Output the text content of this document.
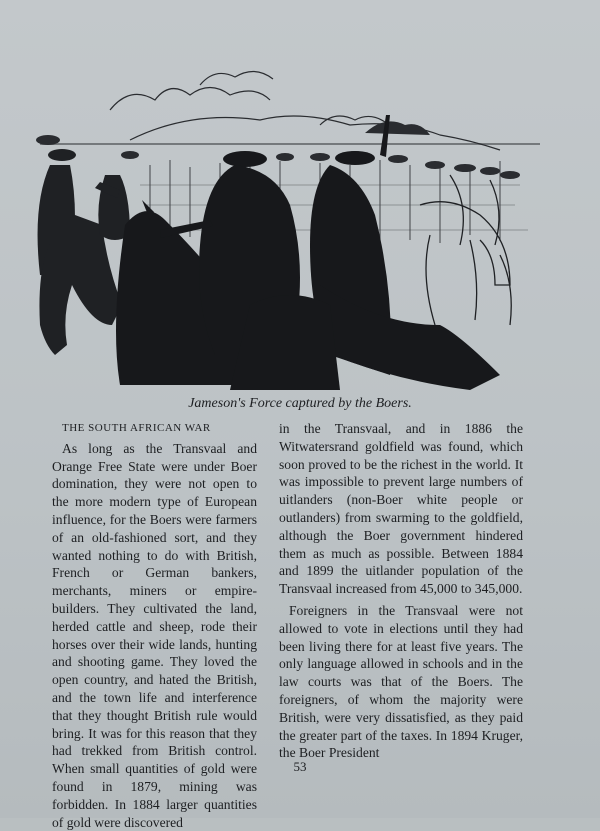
Jameson's Force captured by the Boers.
THE SOUTH AFRICAN WAR

As long as the Transvaal and Orange Free State were under Boer domination, they were not open to the more modern type of European influence, for the Boers were farmers of an old-fashioned sort, and they wanted nothing to do with British, French or German bankers, merchants, miners or empire-builders. They cultivated the land, herded cattle and sheep, rode their horses over their wide lands, hunting and shooting game. They loved the open country, and hated the British, and the town life and interference that they thought British rule would bring. It was for this reason that they had trekked from British control. When small quantities of gold were found in 1879, mining was forbidden. In 1884 larger quantities of gold were discovered

in the Transvaal, and in 1886 the Witwatersrand goldfield was found, which soon proved to be the richest in the world. It was impossible to prevent large numbers of uitlanders (non-Boer white people or outlanders) from swarming to the goldfield, although the Boer government hindered them as much as possible. Between 1884 and 1899 the uitlander population of the Transvaal increased from 45,000 to 345,000.

Foreigners in the Transvaal were not allowed to vote in elections until they had been living there for at least five years. The only language allowed in schools and in the law courts was that of the Boers. The foreigners, of whom the majority were British, were very dissatisfied, as they paid the greater part of the taxes. In 1894 Kruger, the Boer President

53
